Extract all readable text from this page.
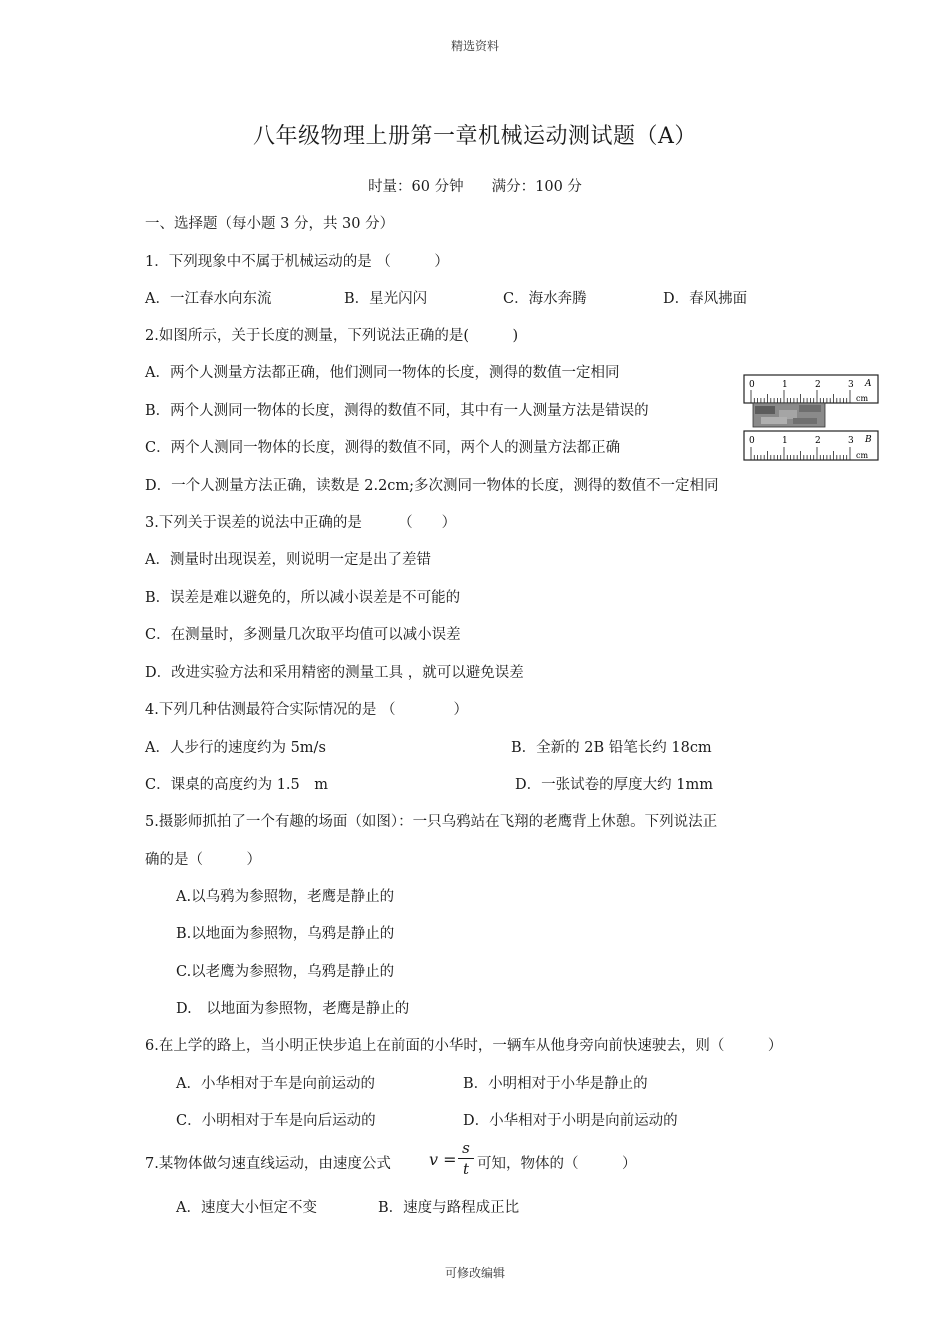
精选资料
八年级物理上册第一章机械运动测试题（A）
时量：60 分钟 满分：100 分
一、选择题（每小题 3 分，共 30 分）
1．下列现象中不属于机械运动的是 （　　　）
A．一江春水向东流	B．星光闪闪	C．海水奔腾	D．春风拂面
2.如图所示，关于长度的测量，下列说法正确的是(　　　)
A．两个人测量方法都正确，他们测同一物体的长度，测得的数值一定相同
B．两个人测同一物体的长度，测得的数值不同，其中有一人测量方法是错误的
C．两个人测同一物体的长度，测得的数值不同，两个人的测量方法都正确
D．一个人测量方法正确，读数是 2.2cm;多次测同一物体的长度，测得的数值不一定相同
0	1	2	3 A
cm
0	1	2	3 B
cm
3.下列关于误差的说法中正确的是　　　（　　）
A．测量时出现误差，则说明一定是出了差错
B．误差是难以避免的，所以减小误差是不可能的
C．在测量时，多测量几次取平均值可以减小误差
D．改进实验方法和采用精密的测量工具 ，就可以避免误差
4.下列几种估测最符合实际情况的是 （　　　　）
A．人步行的速度约为 5m/s	B．全新的 2B 铅笔长约 18cm
C．课桌的高度约为 1.5　m	D．一张试卷的厚度大约 1mm
5.摄影师抓拍了一个有趣的场面（如图）：一只乌鸦站在飞翔的老鹰背上休憩。下列说法正
确的是（　　　）
A.以乌鸦为参照物，老鹰是静止的
B.以地面为参照物，乌鸦是静止的
C.以老鹰为参照物，乌鸦是静止的
D.　以地面为参照物，老鹰是静止的
6.在上学的路上，当小明正快步追上在前面的小华时，一辆车从他身旁向前快速驶去，则（　　　）
A．小华相对于车是向前运动的	B．小明相对于小华是静止的
C．小明相对于车是向后运动的	D．小华相对于小明是向前运动的
7.某物体做匀速直线运动，由速度公式 v =
s
t 可知，物体的（　　　）
A．速度大小恒定不变	B．速度与路程成正比
可修改编辑
